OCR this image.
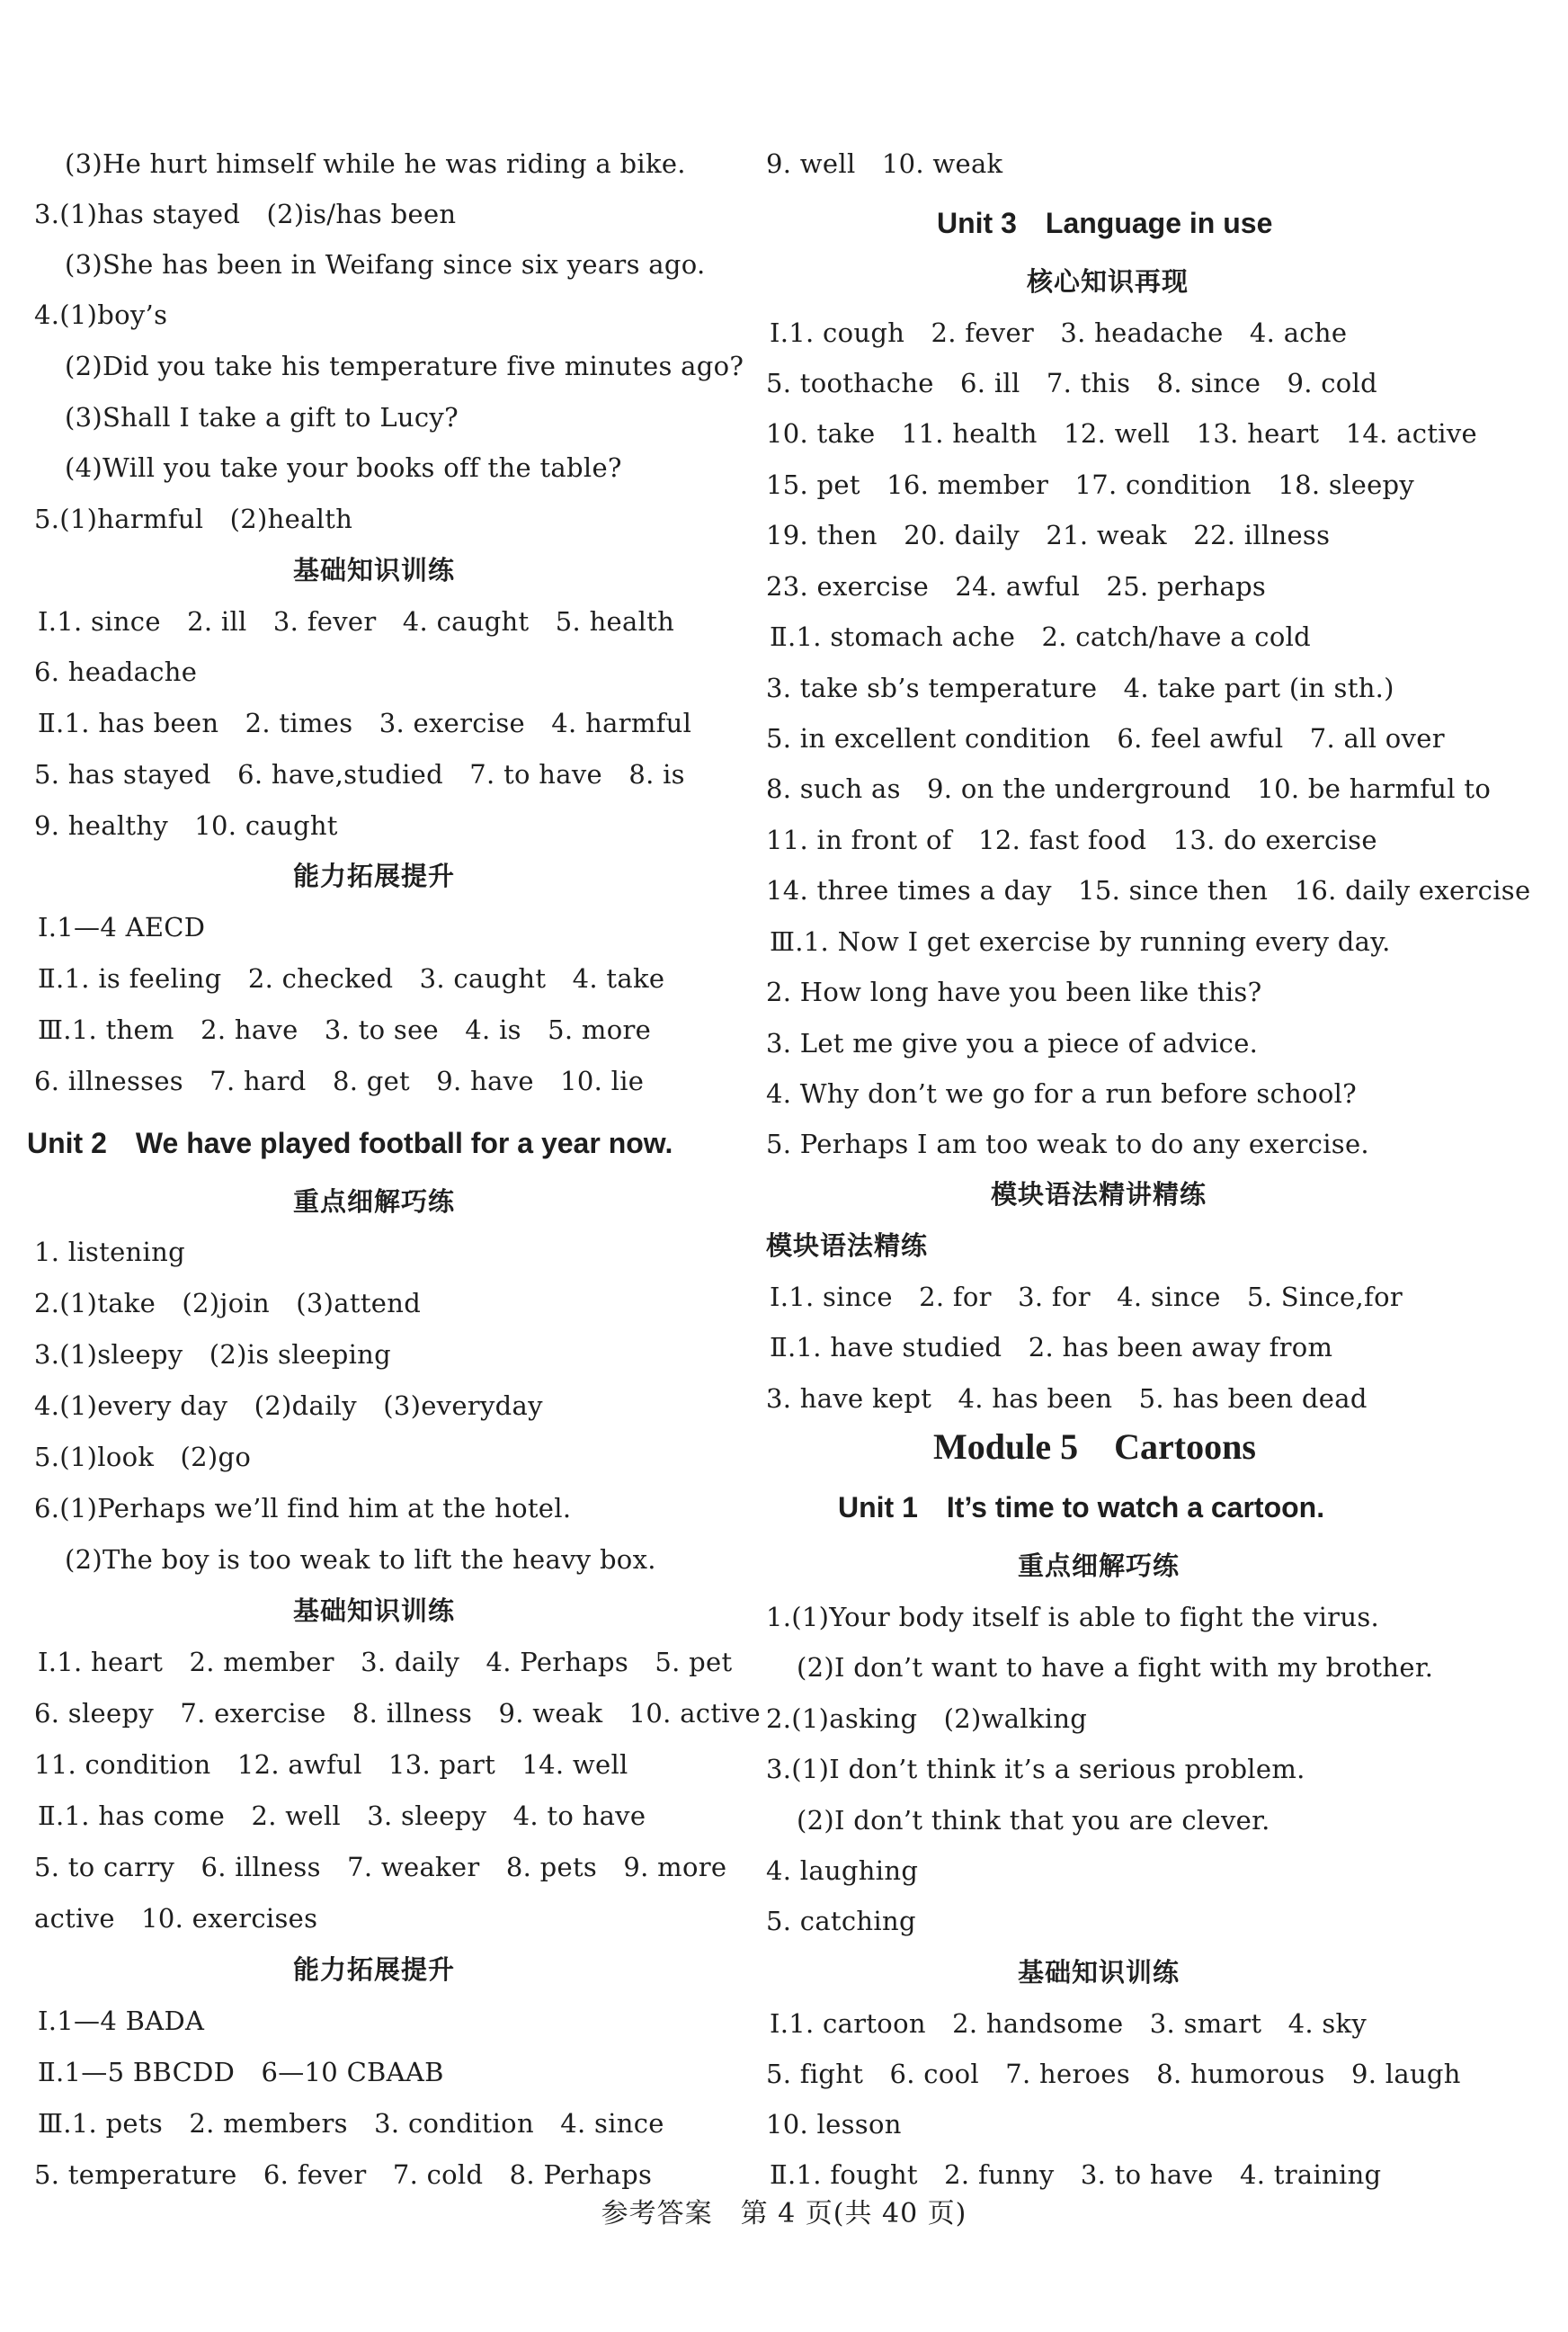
(3)He hurt himself while he was riding a bike.
3.(1)has stayed　(2)is/has been
(3)She has been in Weifang since six years ago.
4.(1)boy’s
(2)Did you take his temperature five minutes ago?
(3)Shall I take a gift to Lucy?
(4)Will you take your books off the table?
5.(1)harmful　(2)health
基础知识训练
Ⅰ.1. since　2. ill　3. fever　4. caught　5. health
6. headache
Ⅱ.1. has been　2. times　3. exercise　4. harmful
5. has stayed　6. have,studied　7. to have　8. is
9. healthy　10. caught
能力拓展提升
Ⅰ.1—4 AECD
Ⅱ.1. is feeling　2. checked　3. caught　4. take
Ⅲ.1. them　2. have　3. to see　4. is　5. more
6. illnesses　7. hard　8. get　9. have　10. lie
Unit 2　We have played football for a year now.
重点细解巧练
1. listening
2.(1)take　(2)join　(3)attend
3.(1)sleepy　(2)is sleeping
4.(1)every day　(2)daily　(3)everyday
5.(1)look　(2)go
6.(1)Perhaps we’ll find him at the hotel.
(2)The boy is too weak to lift the heavy box.
基础知识训练
Ⅰ.1. heart　2. member　3. daily　4. Perhaps　5. pet
6. sleepy　7. exercise　8. illness　9. weak　10. active
11. condition　12. awful　13. part　14. well
Ⅱ.1. has come　2. well　3. sleepy　4. to have
5. to carry　6. illness　7. weaker　8. pets　9. more
active　10. exercises
能力拓展提升
Ⅰ.1—4 BADA
Ⅱ.1—5 BBCDD　6—10 CBAAB
Ⅲ.1. pets　2. members　3. condition　4. since
5. temperature　6. fever　7. cold　8. Perhaps
9. well　10. weak
Unit 3　Language in use
核心知识再现
Ⅰ.1. cough　2. fever　3. headache　4. ache
5. toothache　6. ill　7. this　8. since　9. cold
10. take　11. health　12. well　13. heart　14. active
15. pet　16. member　17. condition　18. sleepy
19. then　20. daily　21. weak　22. illness
23. exercise　24. awful　25. perhaps
Ⅱ.1. stomach ache　2. catch/have a cold
3. take sb’s temperature　4. take part (in sth.)
5. in excellent condition　6. feel awful　7. all over
8. such as　9. on the underground　10. be harmful to
11. in front of　12. fast food　13. do exercise
14. three times a day　15. since then　16. daily exercise
Ⅲ.1. Now I get exercise by running every day.
2. How long have you been like this?
3. Let me give you a piece of advice.
4. Why don’t we go for a run before school?
5. Perhaps I am too weak to do any exercise.
模块语法精讲精练
模块语法精练
Ⅰ.1. since　2. for　3. for　4. since　5. Since,for
Ⅱ.1. have studied　2. has been away from
3. have kept　4. has been　5. has been dead
Module 5　Cartoons
Unit 1　It’s time to watch a cartoon.
重点细解巧练
1.(1)Your body itself is able to fight the virus.
(2)I don’t want to have a fight with my brother.
2.(1)asking　(2)walking
3.(1)I don’t think it’s a serious problem.
(2)I don’t think that you are clever.
4. laughing
5. catching
基础知识训练
Ⅰ.1. cartoon　2. handsome　3. smart　4. sky
5. fight　6. cool　7. heroes　8. humorous　9. laugh
10. lesson
Ⅱ.1. fought　2. funny　3. to have　4. training
参考答案　第 4 页(共 40 页)
